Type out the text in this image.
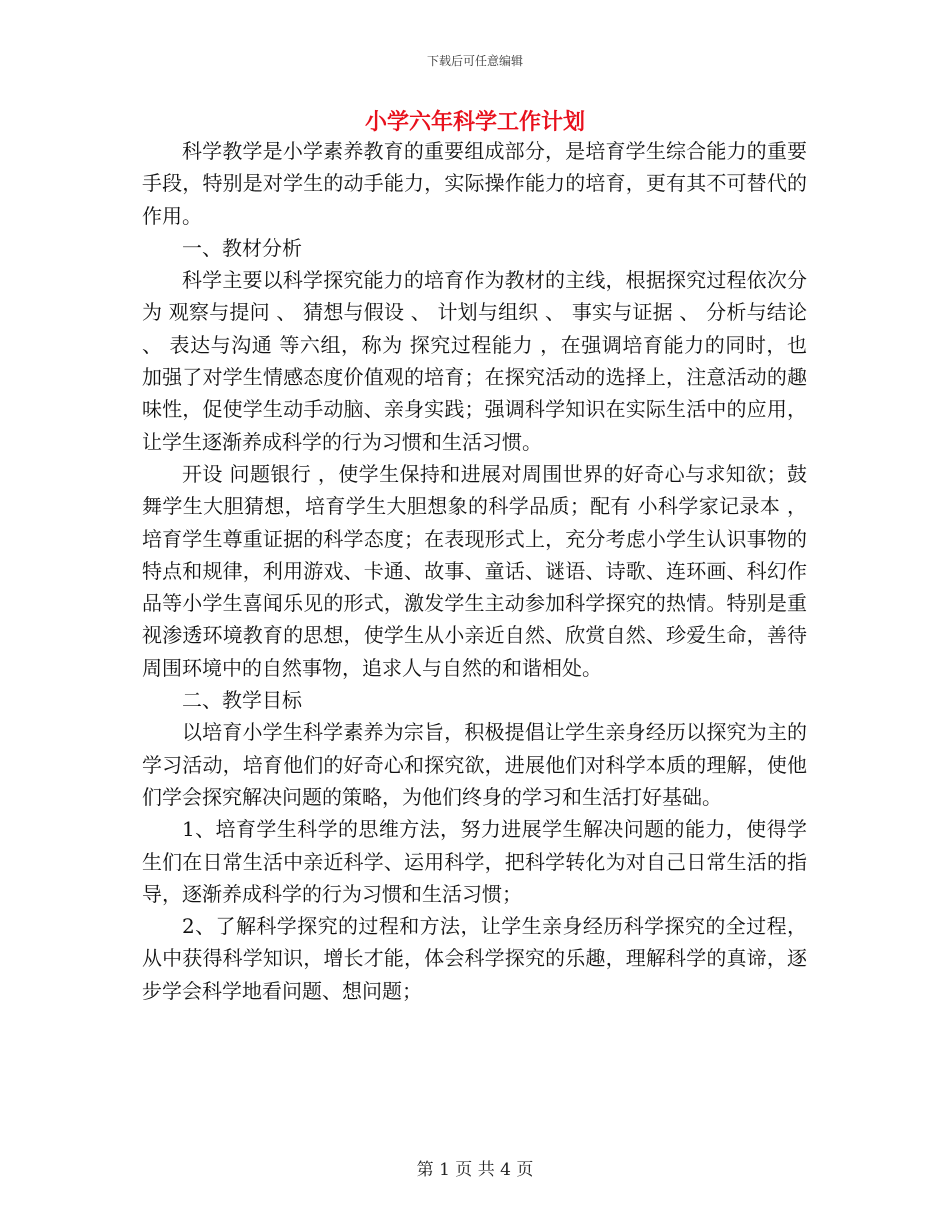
下载后可任意编辑
小学六年科学工作计划

科学教学是小学素养教育的重要组成部分，是培育学生综合能力的重要手段，特别是对学生的动手能力，实际操作能力的培育，更有其不可替代的作用。

一、教材分析

科学主要以科学探究能力的培育作为教材的主线，根据探究过程依次分为 观察与提问 、 猜想与假设 、 计划与组织 、 事实与证据 、 分析与结论 、 表达与沟通 等六组，称为 探究过程能力 ，在强调培育能力的同时，也加强了对学生情感态度价值观的培育；在探究活动的选择上，注意活动的趣味性，促使学生动手动脑、亲身实践；强调科学知识在实际生活中的应用，让学生逐渐养成科学的行为习惯和生活习惯。

开设 问题银行 ，使学生保持和进展对周围世界的好奇心与求知欲；鼓舞学生大胆猜想，培育学生大胆想象的科学品质；配有 小科学家记录本 ，培育学生尊重证据的科学态度；在表现形式上，充分考虑小学生认识事物的特点和规律，利用游戏、卡通、故事、童话、谜语、诗歌、连环画、科幻作品等小学生喜闻乐见的形式，激发学生主动参加科学探究的热情。特别是重视渗透环境教育的思想，使学生从小亲近自然、欣赏自然、珍爱生命，善待周围环境中的自然事物，追求人与自然的和谐相处。

二、教学目标

以培育小学生科学素养为宗旨，积极提倡让学生亲身经历以探究为主的学习活动，培育他们的好奇心和探究欲，进展他们对科学本质的理解，使他们学会探究解决问题的策略，为他们终身的学习和生活打好基础。

1、培育学生科学的思维方法，努力进展学生解决问题的能力，使得学生们在日常生活中亲近科学、运用科学，把科学转化为对自己日常生活的指导，逐渐养成科学的行为习惯和生活习惯；

2、了解科学探究的过程和方法，让学生亲身经历科学探究的全过程，从中获得科学知识，增长才能，体会科学探究的乐趣，理解科学的真谛，逐步学会科学地看问题、想问题；

第 1 页 共 4 页
